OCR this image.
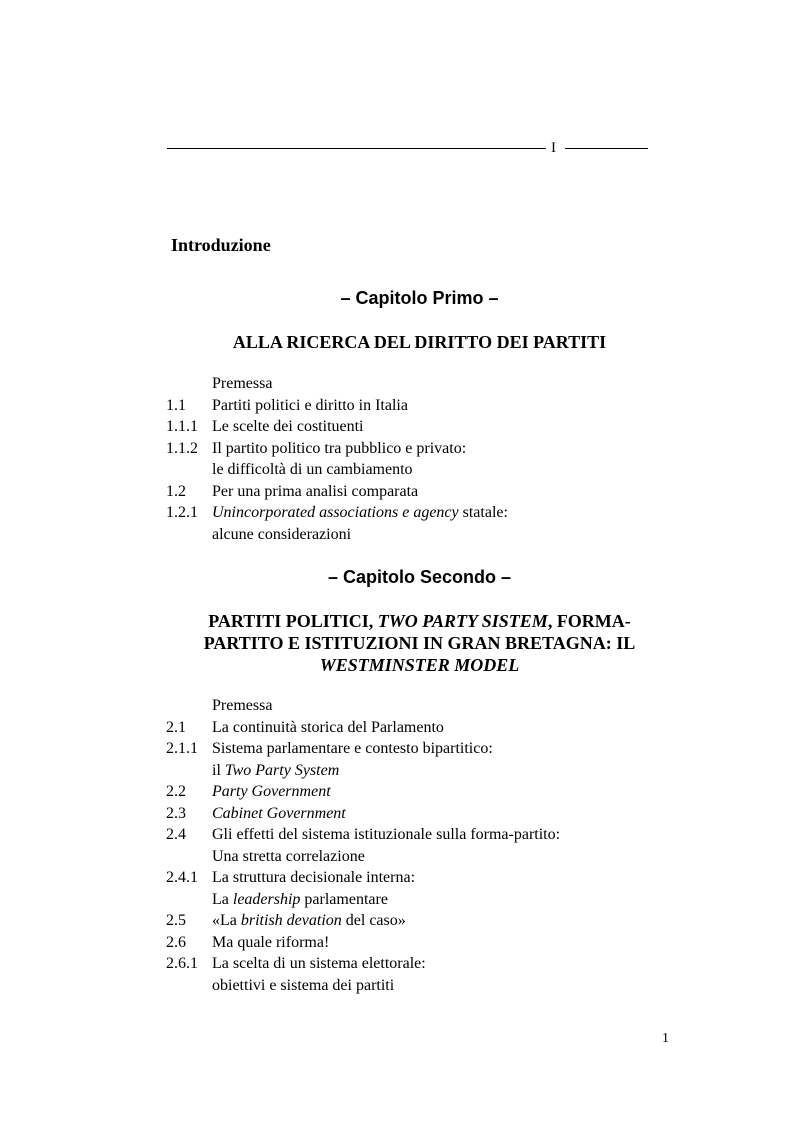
I
Introduzione
– Capitolo Primo –
ALLA RICERCA DEL DIRITTO DEI PARTITI
Premessa
1.1 Partiti politici e diritto in Italia
1.1.1 Le scelte dei costituenti
1.1.2 Il partito politico tra pubblico e privato:
le difficoltà di un cambiamento
1.2 Per una prima analisi comparata
1.2.1 Unincorporated associations e agency statale:
alcune considerazioni
– Capitolo Secondo –
PARTITI POLITICI, TWO PARTY SISTEM, FORMA-
PARTITO E ISTITUZIONI IN GRAN BRETAGNA: IL
WESTMINSTER MODEL
Premessa
2.1 La continuità storica del Parlamento
2.1.1 Sistema parlamentare e contesto bipartitico:
il Two Party System
2.2 Party Government
2.3 Cabinet Government
2.4 Gli effetti del sistema istituzionale sulla forma-partito:
Una stretta correlazione
2.4.1 La struttura decisionale interna:
La leadership parlamentare
2.5 «La british devation del caso»
2.6 Ma quale riforma!
2.6.1 La scelta di un sistema elettorale:
obiettivi e sistema dei partiti
1
